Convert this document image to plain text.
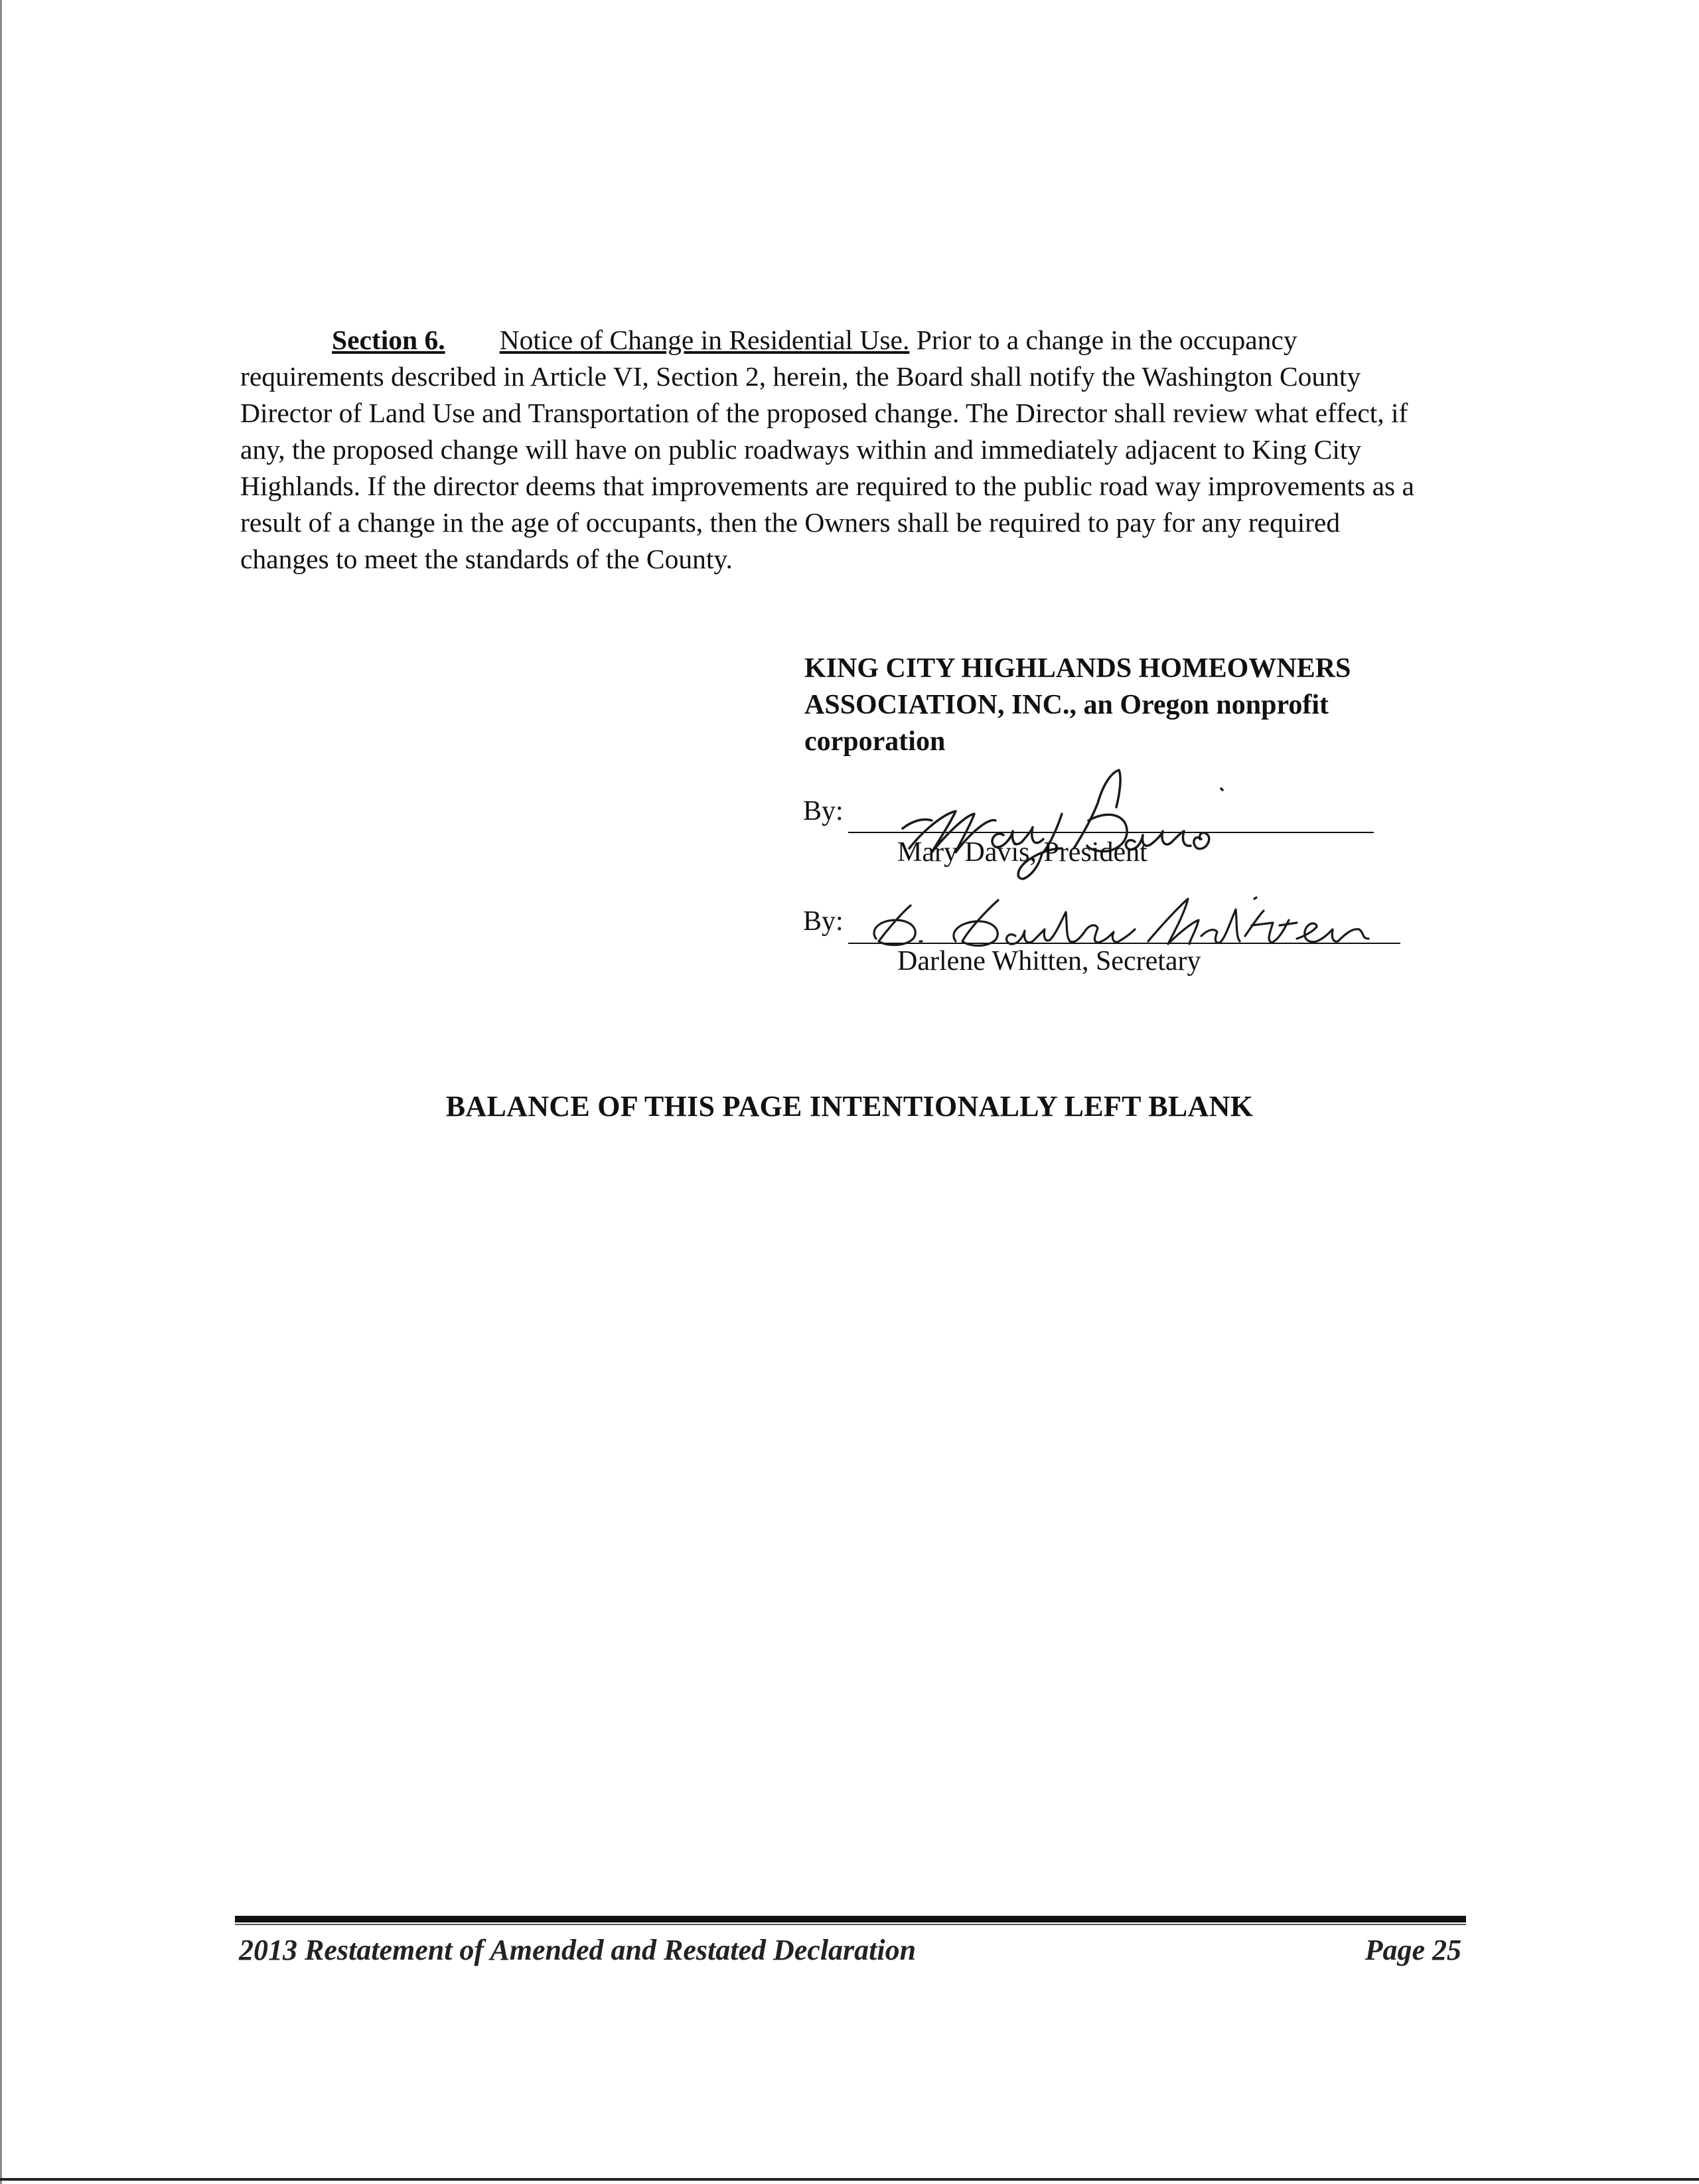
Section 6. Notice of Change in Residential Use. Prior to a change in the occupancy requirements described in Article VI, Section 2, herein, the Board shall notify the Washington County Director of Land Use and Transportation of the proposed change. The Director shall review what effect, if any, the proposed change will have on public roadways within and immediately adjacent to King City Highlands. If the director deems that improvements are required to the public road way improvements as a result of a change in the age of occupants, then the Owners shall be required to pay for any required changes to meet the standards of the County.

KING CITY HIGHLANDS HOMEOWNERS ASSOCIATION, INC., an Oregon nonprofit corporation

By:
Mary Davis, President
By:
Darlene Whitten, Secretary
BALANCE OF THIS PAGE INTENTIONALLY LEFT BLANK
2013 Restatement of Amended and Restated Declaration	Page 25
